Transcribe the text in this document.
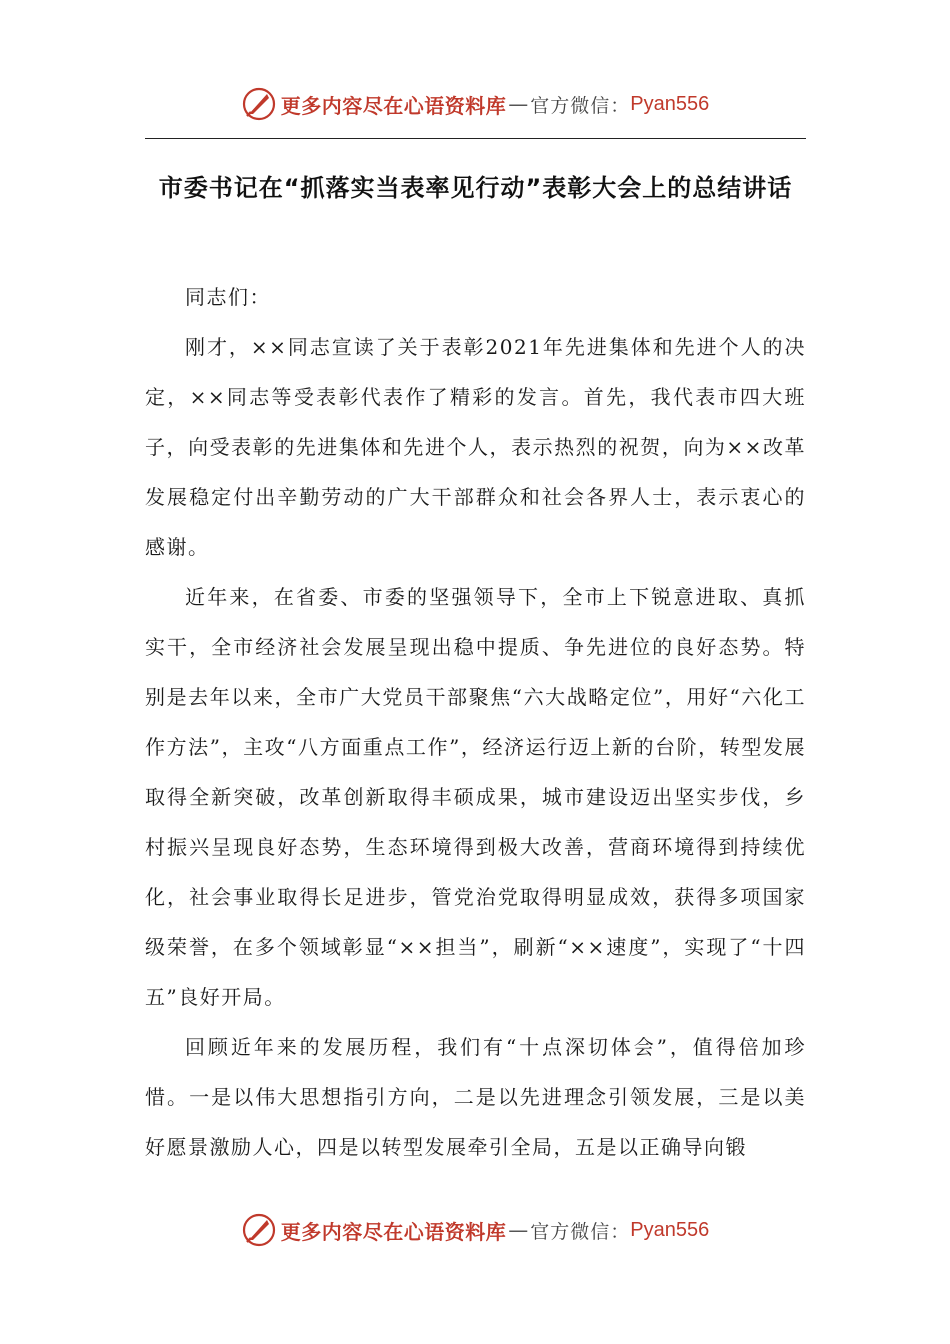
更多内容尽在心语资料库 — 官方微信： Pyan556
市委书记在“抓落实当表率见行动”表彰大会上的总结讲话

同志们：

刚才，××同志宣读了关于表彰2021年先进集体和先进个人的决定，××同志等受表彰代表作了精彩的发言。首先，我代表市四大班子，向受表彰的先进集体和先进个人，表示热烈的祝贺，向为××改革发展稳定付出辛勤劳动的广大干部群众和社会各界人士，表示衷心的感谢。

近年来，在省委、市委的坚强领导下，全市上下锐意进取、真抓实干，全市经济社会发展呈现出稳中提质、争先进位的良好态势。特别是去年以来，全市广大党员干部聚焦“六大战略定位”，用好“六化工作方法”，主攻“八方面重点工作”，经济运行迈上新的台阶，转型发展取得全新突破，改革创新取得丰硕成果，城市建设迈出坚实步伐，乡村振兴呈现良好态势，生态环境得到极大改善，营商环境得到持续优化，社会事业取得长足进步，管党治党取得明显成效，获得多项国家级荣誉，在多个领域彰显“××担当”，刷新“××速度”，实现了“十四五”良好开局。

回顾近年来的发展历程，我们有“十点深切体会”，值得倍加珍惜。一是以伟大思想指引方向，二是以先进理念引领发展，三是以美好愿景激励人心，四是以转型发展牵引全局，五是以正确导向锻

更多内容尽在心语资料库 — 官方微信： Pyan556
